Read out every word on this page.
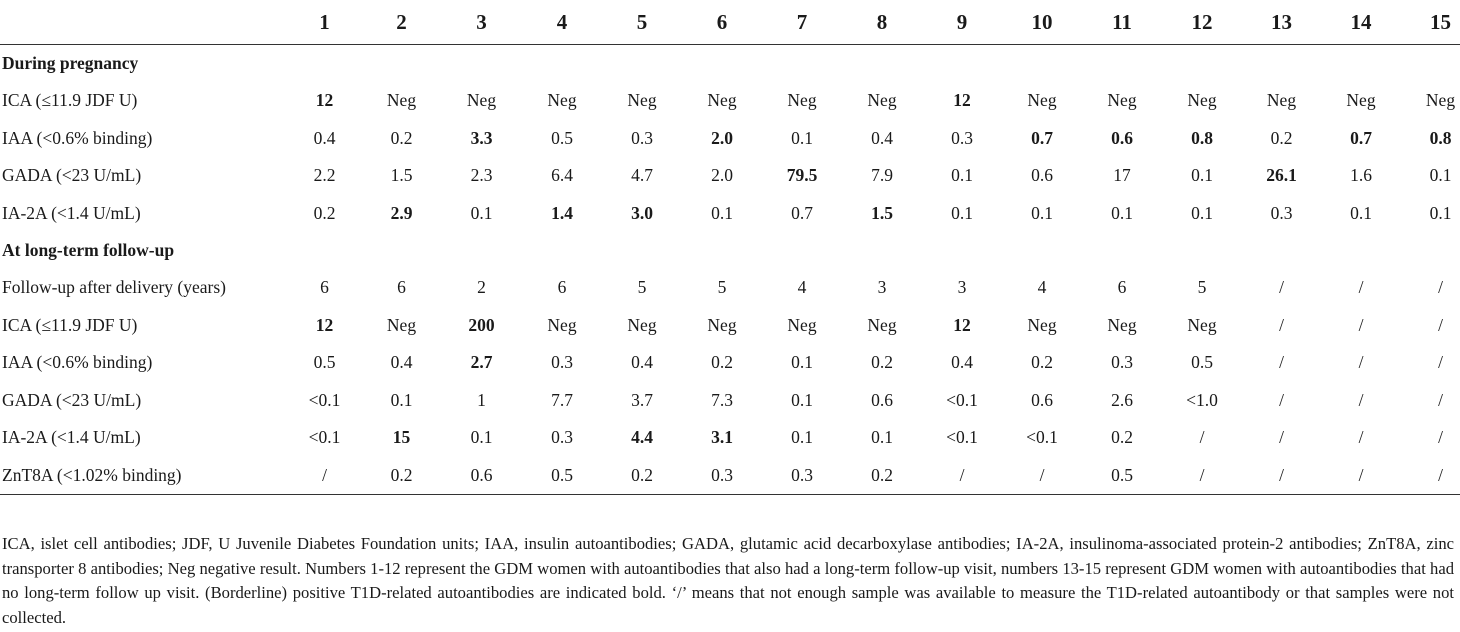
	1	2	3	4	5	6	7	8	9	10	11	12	13	14	15
During pregnancy															
ICA (≤11.9 JDF U)	12	Neg	Neg	Neg	Neg	Neg	Neg	Neg	12	Neg	Neg	Neg	Neg	Neg	Neg
IAA (<0.6% binding)	0.4	0.2	3.3	0.5	0.3	2.0	0.1	0.4	0.3	0.7	0.6	0.8	0.2	0.7	0.8
GADA (<23 U/mL)	2.2	1.5	2.3	6.4	4.7	2.0	79.5	7.9	0.1	0.6	17	0.1	26.1	1.6	0.1
IA-2A (<1.4 U/mL)	0.2	2.9	0.1	1.4	3.0	0.1	0.7	1.5	0.1	0.1	0.1	0.1	0.3	0.1	0.1
At long-term follow-up															
Follow-up after delivery (years)	6	6	2	6	5	5	4	3	3	4	6	5	/	/	/
ICA (≤11.9 JDF U)	12	Neg	200	Neg	Neg	Neg	Neg	Neg	12	Neg	Neg	Neg	/	/	/
IAA (<0.6% binding)	0.5	0.4	2.7	0.3	0.4	0.2	0.1	0.2	0.4	0.2	0.3	0.5	/	/	/
GADA (<23 U/mL)	<0.1	0.1	1	7.7	3.7	7.3	0.1	0.6	<0.1	0.6	2.6	<1.0	/	/	/
IA-2A (<1.4 U/mL)	<0.1	15	0.1	0.3	4.4	3.1	0.1	0.1	<0.1	<0.1	0.2	/	/	/	/
ZnT8A (<1.02% binding)	/	0.2	0.6	0.5	0.2	0.3	0.3	0.2	/	/	0.5	/	/	/	/
ICA, islet cell antibodies; JDF, U Juvenile Diabetes Foundation units; IAA, insulin autoantibodies; GADA, glutamic acid decarboxylase antibodies; IA-2A, insulinoma-associated protein-2 antibodies; ZnT8A, zinc transporter 8 antibodies; Neg negative result. Numbers 1-12 represent the GDM women with autoantibodies that also had a long-term follow-up visit, numbers 13-15 represent GDM women with autoantibodies that had no long-term follow up visit. (Borderline) positive T1D-related autoantibodies are indicated bold. ‘/’ means that not enough sample was available to measure the T1D-related autoantibody or that samples were not collected.
